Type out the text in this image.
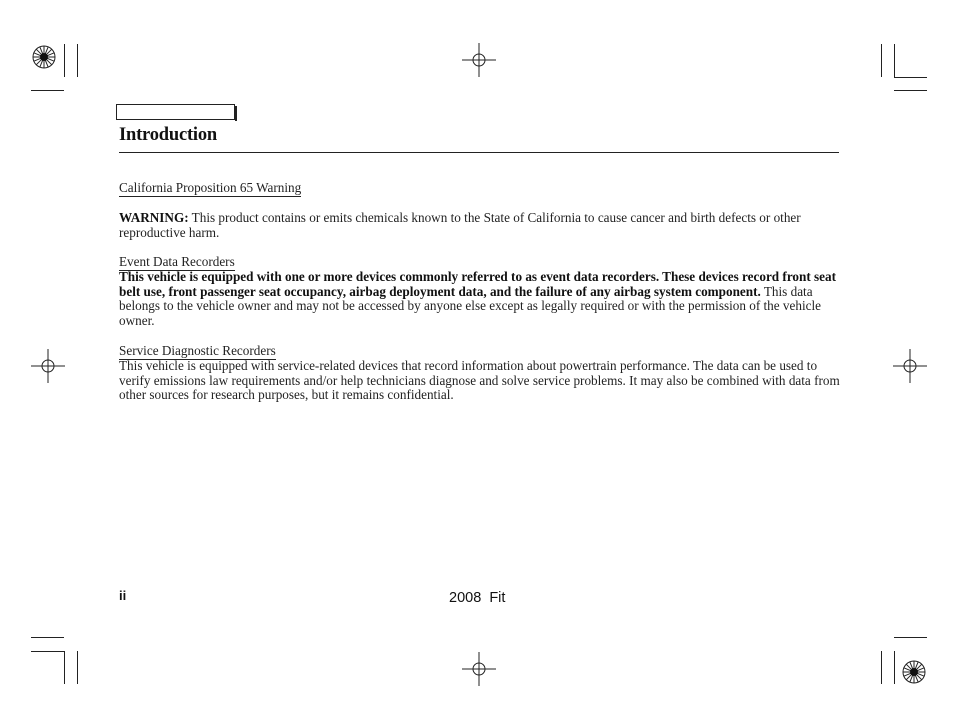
Introduction
California Proposition 65 Warning
WARNING: This product contains or emits chemicals known to the State of California to cause cancer and birth defects or other reproductive harm.
Event Data Recorders
This vehicle is equipped with one or more devices commonly referred to as event data recorders. These devices record front seat belt use, front passenger seat occupancy, airbag deployment data, and the failure of any airbag system component. This data belongs to the vehicle owner and may not be accessed by anyone else except as legally required or with the permission of the vehicle owner.
Service Diagnostic Recorders
This vehicle is equipped with service-related devices that record information about powertrain performance. The data can be used to verify emissions law requirements and/or help technicians diagnose and solve service problems. It may also be combined with data from other sources for research purposes, but it remains confidential.
ii	2008  Fit
